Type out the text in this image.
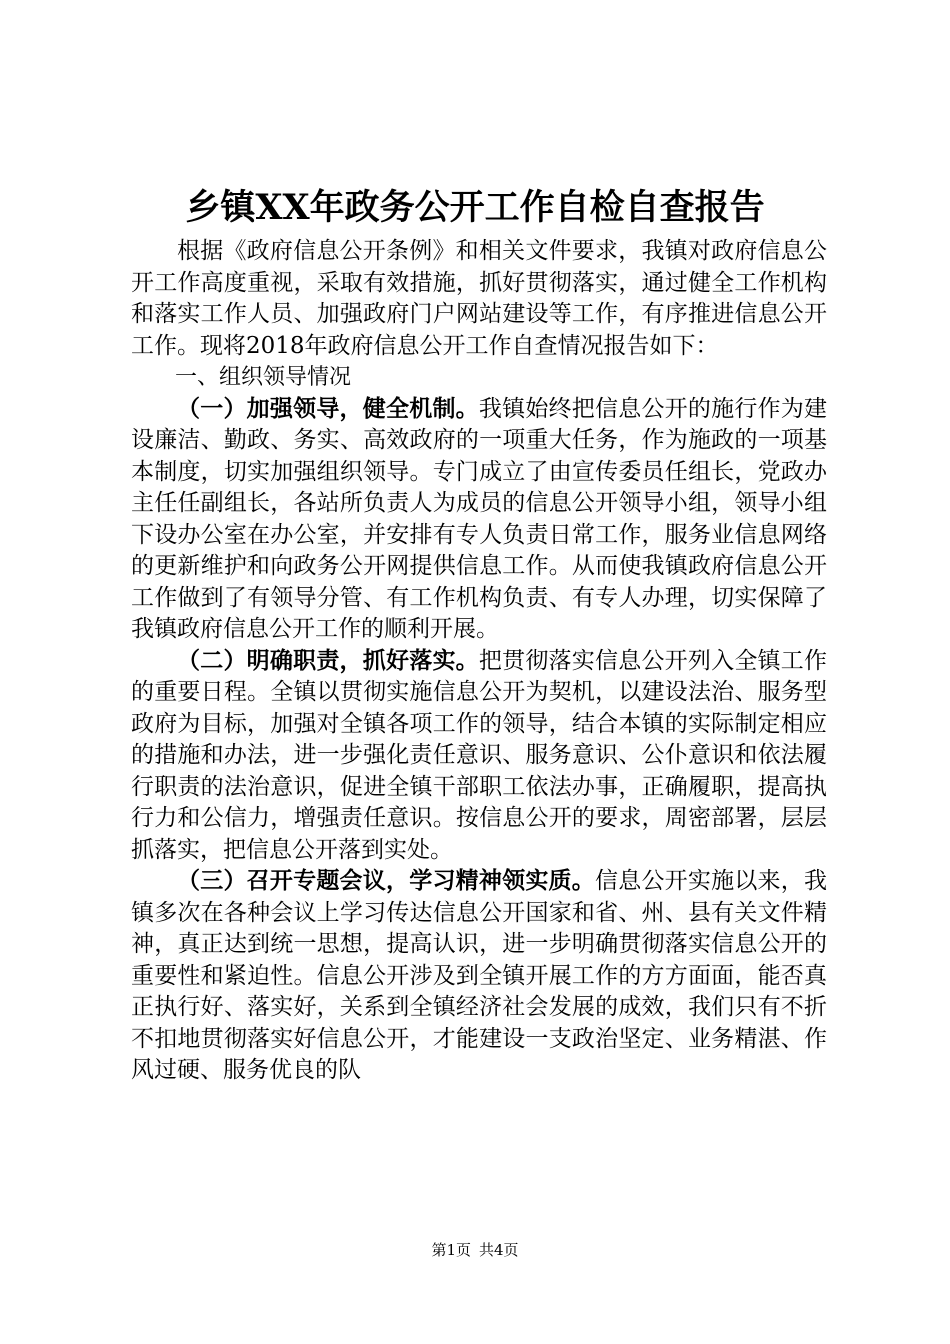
乡镇XX年政务公开工作自检自查报告

根据《政府信息公开条例》和相关文件要求，我镇对政府信息公开工作高度重视，采取有效措施，抓好贯彻落实，通过健全工作机构和落实工作人员、加强政府门户网站建设等工作，有序推进信息公开工作。现将2018年政府信息公开工作自查情况报告如下：

一、组织领导情况

（一）加强领导，健全机制。我镇始终把信息公开的施行作为建设廉洁、勤政、务实、高效政府的一项重大任务，作为施政的一项基本制度，切实加强组织领导。专门成立了由宣传委员任组长，党政办主任任副组长，各站所负责人为成员的信息公开领导小组，领导小组下设办公室在办公室，并安排有专人负责日常工作，服务业信息网络的更新维护和向政务公开网提供信息工作。从而使我镇政府信息公开工作做到了有领导分管、有工作机构负责、有专人办理，切实保障了我镇政府信息公开工作的顺利开展。

（二）明确职责，抓好落实。把贯彻落实信息公开列入全镇工作的重要日程。全镇以贯彻实施信息公开为契机，以建设法治、服务型政府为目标，加强对全镇各项工作的领导，结合本镇的实际制定相应的措施和办法，进一步强化责任意识、服务意识、公仆意识和依法履行职责的法治意识，促进全镇干部职工依法办事，正确履职，提高执行力和公信力，增强责任意识。按信息公开的要求，周密部署，层层抓落实，把信息公开落到实处。

（三）召开专题会议，学习精神领实质。信息公开实施以来，我镇多次在各种会议上学习传达信息公开国家和省、州、县有关文件精神，真正达到统一思想，提高认识，进一步明确贯彻落实信息公开的重要性和紧迫性。信息公开涉及到全镇开展工作的方方面面，能否真正执行好、落实好，关系到全镇经济社会发展的成效，我们只有不折不扣地贯彻落实好信息公开，才能建设一支政治坚定、业务精湛、作风过硬、服务优良的队

第1页 共4页
